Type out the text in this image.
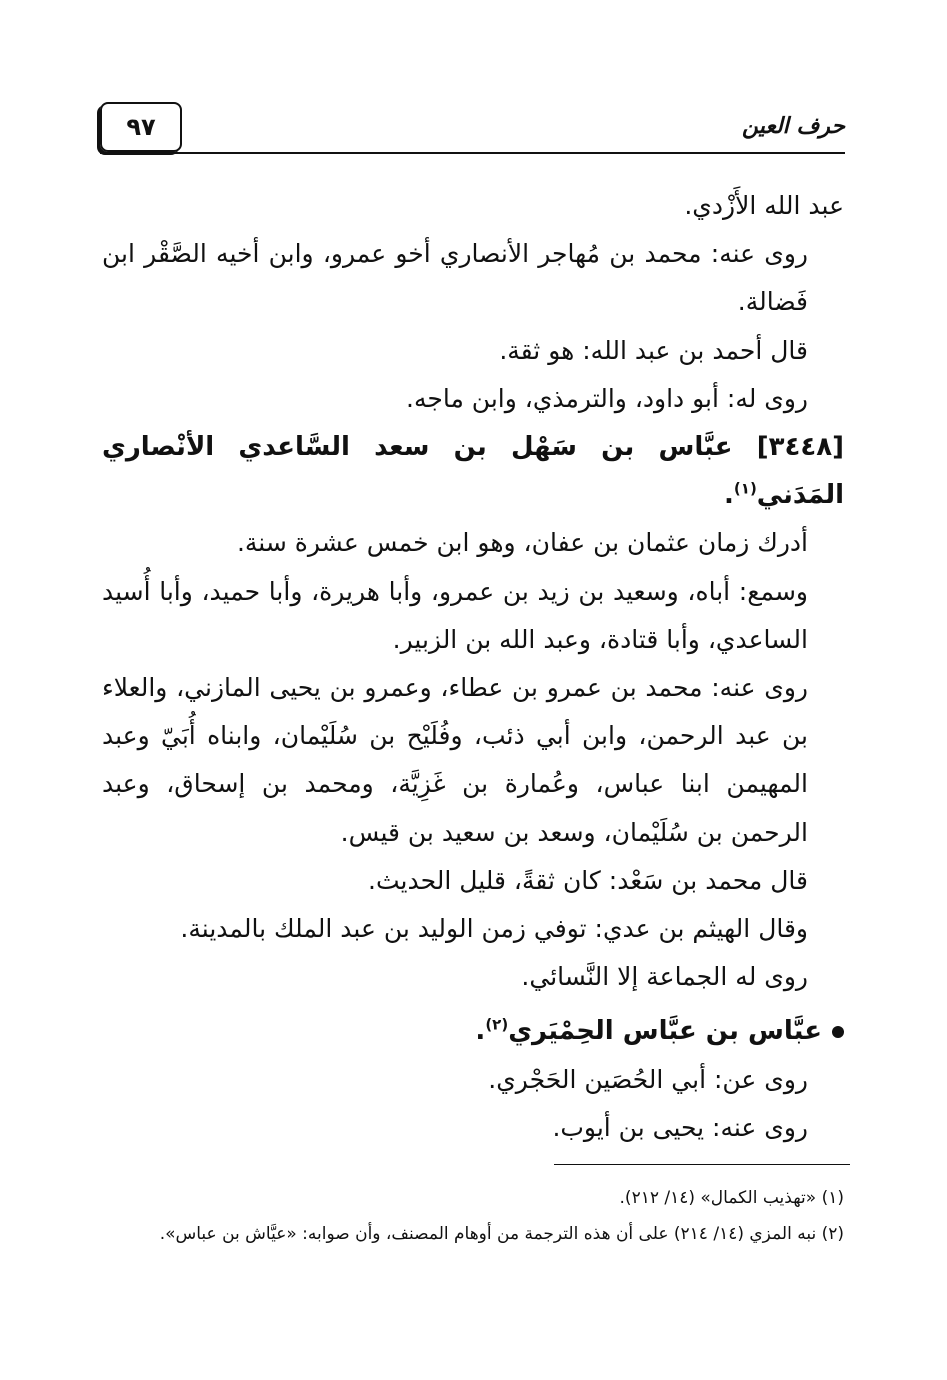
٩٧	حرف العين

عبد الله الأَزْدي.

روى عنه: محمد بن مُهاجر الأنصاري أخو عمرو، وابن أخيه الصَّقْر ابن فَضالة.

قال أحمد بن عبد الله: هو ثقة.

روى له: أبو داود، والترمذي، وابن ماجه.

[٣٤٤٨] عبَّاس بن سَهْل بن سعد السَّاعدي الأنْصاري المَدَني$^{(١)}$.

أدرك زمان عثمان بن عفان، وهو ابن خمس عشرة سنة.

وسمع: أباه، وسعيد بن زيد بن عمرو، وأبا هريرة، وأبا حميد، وأبا أُسيد الساعدي، وأبا قتادة، وعبد الله بن الزبير.

روى عنه: محمد بن عمرو بن عطاء، وعمرو بن يحيى المازني، والعلاء بن عبد الرحمن، وابن أبي ذئب، وفُلَيْح بن سُلَيْمان، وابناه أُبَيّ وعبد المهيمن ابنا عباس، وعُمارة بن غَزِيَّة، ومحمد بن إسحاق، وعبد الرحمن بن سُلَيْمان، وسعد بن سعيد بن قيس.

قال محمد بن سَعْد: كان ثقةً، قليل الحديث.

وقال الهيثم بن عدي: توفي زمن الوليد بن عبد الملك بالمدينة.

روى له الجماعة إلا النَّسائي.

عبَّاس بن عبَّاس الحِمْيَري$^{(٢)}$.

روى عن: أبي الحُصَين الحَجْري.

روى عنه: يحيى بن أيوب.

(١) «تهذيب الكمال» (١٤/ ٢١٢).

(٢) نبه المزي (١٤/ ٢١٤) على أن هذه الترجمة من أوهام المصنف، وأن صوابه: «عيَّاش بن عباس».
